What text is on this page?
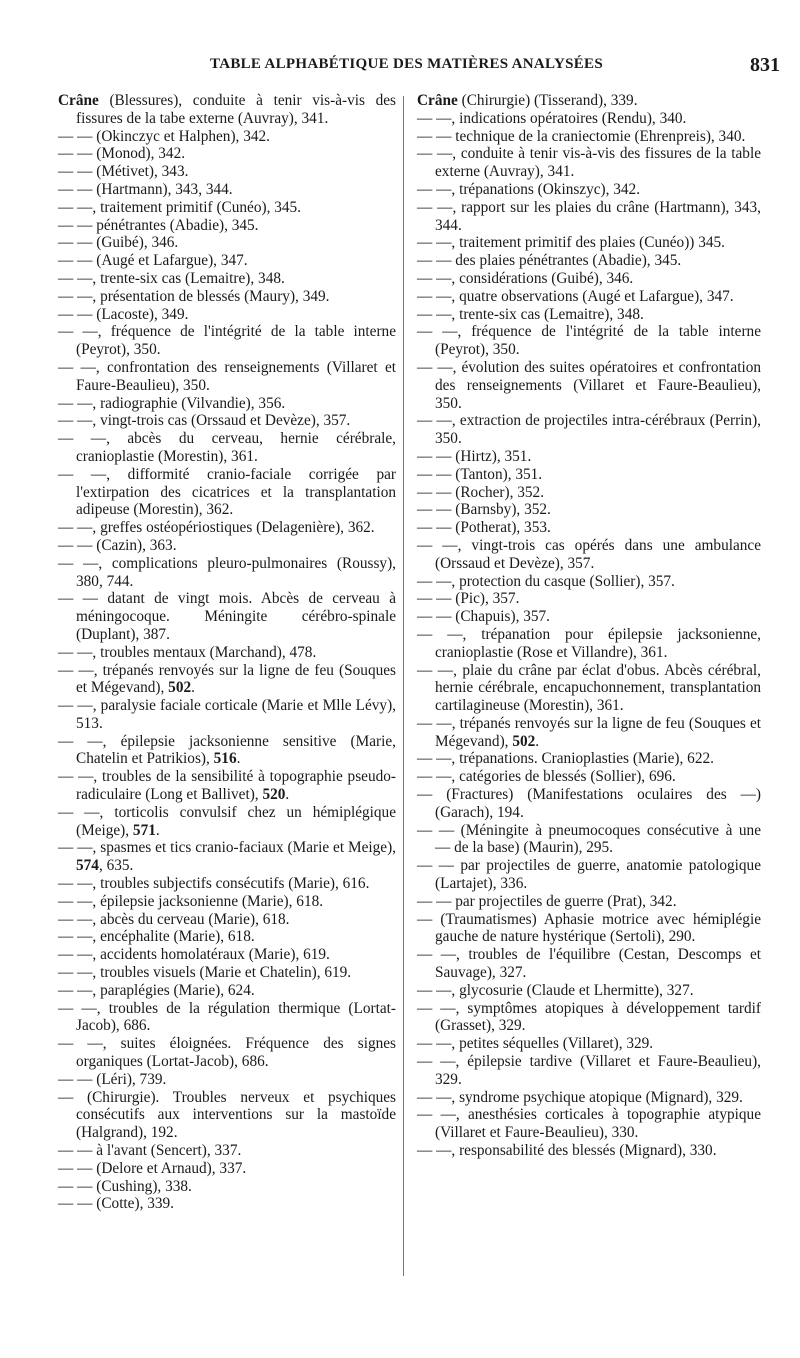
TABLE ALPHABÉTIQUE DES MATIÈRES ANALYSÉES	831

Crâne (Blessures), conduite à tenir vis-à-vis des fissures de la tabe externe (Auvray), 341.

— — (Okinczyc et Halphen), 342.

— — (Monod), 342.

— — (Métivet), 343.

— — (Hartmann), 343, 344.

— —, traitement primitif (Cunéo), 345.

— — pénétrantes (Abadie), 345.

— — (Guibé), 346.

— — (Augé et Lafargue), 347.

— —, trente-six cas (Lemaitre), 348.

— —, présentation de blessés (Maury), 349.

— — (Lacoste), 349.

— —, fréquence de l'intégrité de la table interne (Peyrot), 350.

— —, confrontation des renseignements (Villaret et Faure-Beaulieu), 350.

— —, radiographie (Vilvandie), 356.

— —, vingt-trois cas (Orssaud et Devèze), 357.

— —, abcès du cerveau, hernie cérébrale, cranioplastie (Morestin), 361.

— —, difformité cranio-faciale corrigée par l'extirpation des cicatrices et la transplantation adipeuse (Morestin), 362.

— —, greffes ostéopériostiques (Delagenière), 362.

— — (Cazin), 363.

— —, complications pleuro-pulmonaires (Roussy), 380, 744.

— — datant de vingt mois. Abcès de cerveau à méningocoque. Méningite cérébro-spinale (Duplant), 387.

— —, troubles mentaux (Marchand), 478.

— —, trépanés renvoyés sur la ligne de feu (Souques et Mégevand), 502.

— —, paralysie faciale corticale (Marie et Mlle Lévy), 513.

— —, épilepsie jacksonienne sensitive (Marie, Chatelin et Patrikios), 516.

— —, troubles de la sensibilité à topographie pseudo-radiculaire (Long et Ballivet), 520.

— —, torticolis convulsif chez un hémiplégique (Meige), 571.

— —, spasmes et tics cranio-faciaux (Marie et Meige), 574, 635.

— —, troubles subjectifs consécutifs (Marie), 616.

— —, épilepsie jacksonienne (Marie), 618.

— —, abcès du cerveau (Marie), 618.

— —, encéphalite (Marie), 618.

— —, accidents homolatéraux (Marie), 619.

— —, troubles visuels (Marie et Chatelin), 619.

— —, paraplégies (Marie), 624.

— —, troubles de la régulation thermique (Lortat-Jacob), 686.

— —, suites éloignées. Fréquence des signes organiques (Lortat-Jacob), 686.

— — (Léri), 739.

— (Chirurgie). Troubles nerveux et psychiques consécutifs aux interventions sur la mastoïde (Halgrand), 192.

— — à l'avant (Sencert), 337.

— — (Delore et Arnaud), 337.

— — (Cushing), 338.

— — (Cotte), 339.

Crâne (Chirurgie) (Tisserand), 339.

— —, indications opératoires (Rendu), 340.

— — technique de la craniectomie (Ehrenpreis), 340.

— —, conduite à tenir vis-à-vis des fissures de la table externe (Auvray), 341.

— —, trépanations (Okinszyc), 342.

— —, rapport sur les plaies du crâne (Hartmann), 343, 344.

— —, traitement primitif des plaies (Cunéo)) 345.

— — des plaies pénétrantes (Abadie), 345.

— —, considérations (Guibé), 346.

— —, quatre observations (Augé et Lafargue), 347.

— —, trente-six cas (Lemaitre), 348.

— —, fréquence de l'intégrité de la table interne (Peyrot), 350.

— —, évolution des suites opératoires et confrontation des renseignements (Villaret et Faure-Beaulieu), 350.

— —, extraction de projectiles intra-cérébraux (Perrin), 350.

— — (Hirtz), 351.

— — (Tanton), 351.

— — (Rocher), 352.

— — (Barnsby), 352.

— — (Potherat), 353.

— —, vingt-trois cas opérés dans une ambulance (Orssaud et Devèze), 357.

— —, protection du casque (Sollier), 357.

— — (Pic), 357.

— — (Chapuis), 357.

— —, trépanation pour épilepsie jacksonienne, cranioplastie (Rose et Villandre), 361.

— —, plaie du crâne par éclat d'obus. Abcès cérébral, hernie cérébrale, encapuchonnement, transplantation cartilagineuse (Morestin), 361.

— —, trépanés renvoyés sur la ligne de feu (Souques et Mégevand), 502.

— —, trépanations. Cranioplasties (Marie), 622.

— —, catégories de blessés (Sollier), 696.

— (Fractures) (Manifestations oculaires des —) (Garach), 194.

— — (Méningite à pneumocoques consécutive à une — de la base) (Maurin), 295.

— — par projectiles de guerre, anatomie patologique (Lartajet), 336.

— — par projectiles de guerre (Prat), 342.

— (Traumatismes) Aphasie motrice avec hémiplégie gauche de nature hystérique (Sertoli), 290.

— —, troubles de l'équilibre (Cestan, Descomps et Sauvage), 327.

— —, glycosurie (Claude et Lhermitte), 327.

— —, symptômes atopiques à développement tardif (Grasset), 329.

— —, petites séquelles (Villaret), 329.

— —, épilepsie tardive (Villaret et Faure-Beaulieu), 329.

— —, syndrome psychique atopique (Mignard), 329.

— —, anesthésies corticales à topographie atypique (Villaret et Faure-Beaulieu), 330.

— —, responsabilité des blessés (Mignard), 330.
